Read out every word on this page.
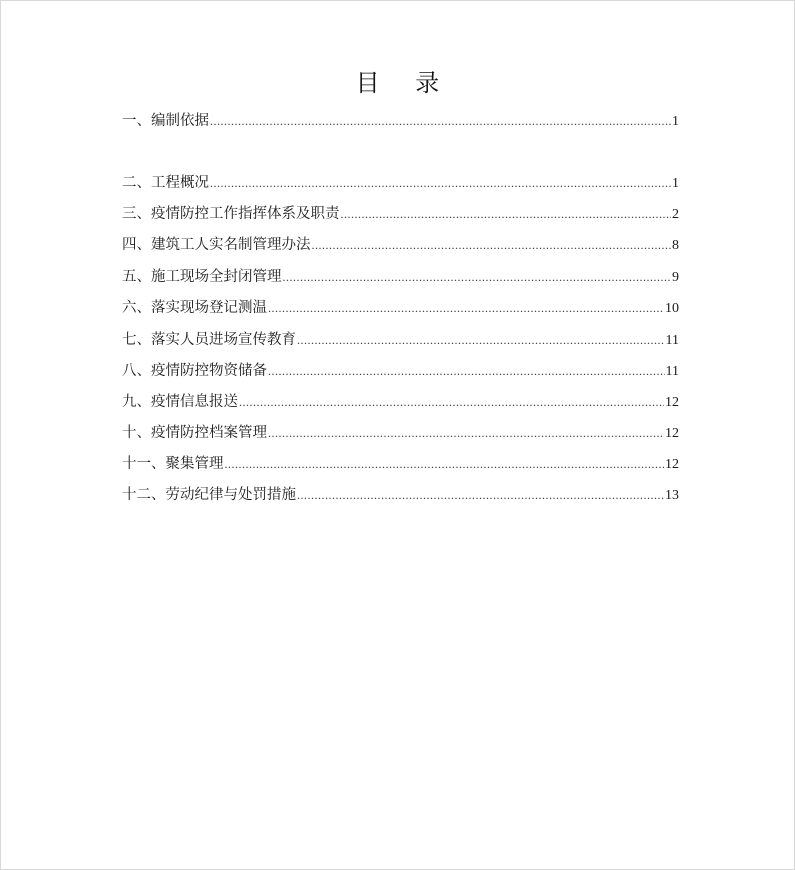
目 录
一、编制依据 .....	1
二、工程概况 .....	1
三、疫情防控工作指挥体系及职责 .....	2
四、建筑工人实名制管理办法 .....	8
五、施工现场全封闭管理 .....	9
六、落实现场登记测温 .....	10
七、落实人员进场宣传教育 .....	11
八、疫情防控物资储备 .....	11
九、疫情信息报送 .....	12
十、疫情防控档案管理 .....	12
十一、聚集管理 .....	12
十二、劳动纪律与处罚措施 .....	13
